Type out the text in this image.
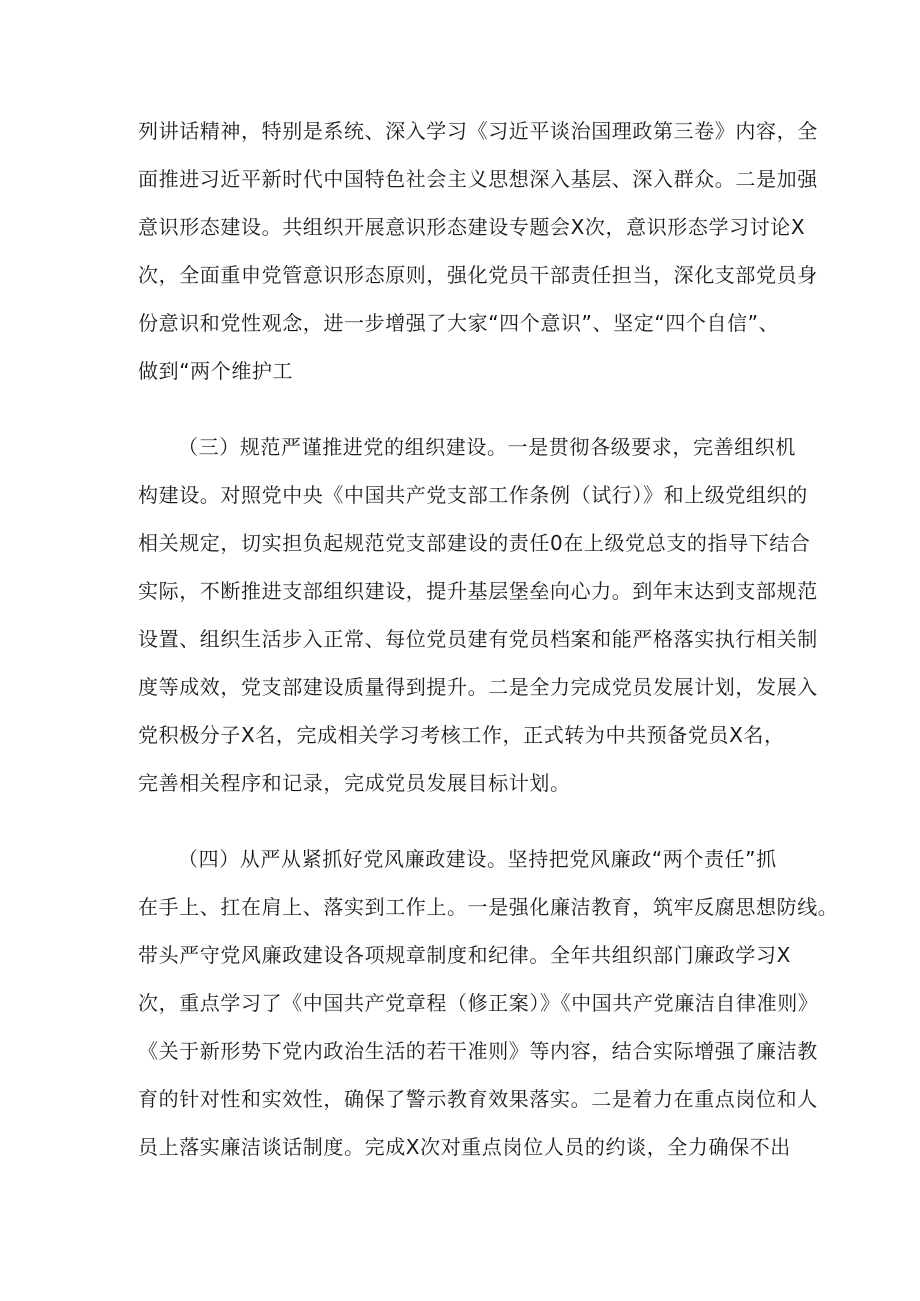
列讲话精神，特别是系统、深入学习《习近平谈治国理政第三卷》内容，全
面推进习近平新时代中国特色社会主义思想深入基层、深入群众。二是加强
意识形态建设。共组织开展意识形态建设专题会X次，意识形态学习讨论X
次，全面重申党管意识形态原则，强化党员干部责任担当，深化支部党员身
份意识和党性观念，进一步增强了大家“四个意识”、坚定“四个自信”、
做到“两个维护工
（三）规范严谨推进党的组织建设。一是贯彻各级要求，完善组织机
构建设。对照党中央《中国共产党支部工作条例（试行）》和上级党组织的
相关规定，切实担负起规范党支部建设的责任0在上级党总支的指导下结合
实际，不断推进支部组织建设，提升基层堡垒向心力。到年末达到支部规范
设置、组织生活步入正常、每位党员建有党员档案和能严格落实执行相关制
度等成效，党支部建设质量得到提升。二是全力完成党员发展计划，发展入
党积极分子X名，完成相关学习考核工作，正式转为中共预备党员X名，
完善相关程序和记录，完成党员发展目标计划。
（四）从严从紧抓好党风廉政建设。坚持把党风廉政“两个责任”抓
在手上、扛在肩上、落实到工作上。一是强化廉洁教育，筑牢反腐思想防线。
带头严守党风廉政建设各项规章制度和纪律。全年共组织部门廉政学习X
次，重点学习了《中国共产党章程（修正案）》《中国共产党廉洁自律准则》
《关于新形势下党内政治生活的若干准则》等内容，结合实际增强了廉洁教
育的针对性和实效性，确保了警示教育效果落实。二是着力在重点岗位和人
员上落实廉洁谈话制度。完成X次对重点岗位人员的约谈，全力确保不出
